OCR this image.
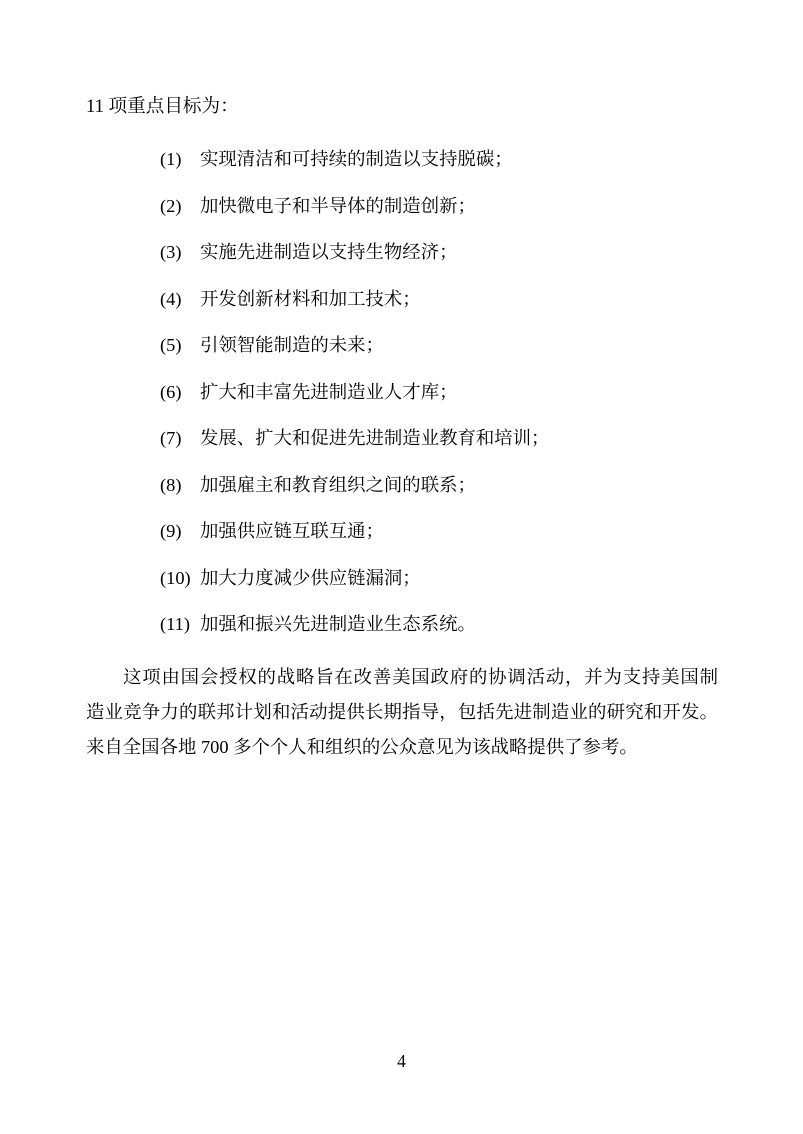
11 项重点目标为：

(1)	实现清洁和可持续的制造以支持脱碳；
(2)	加快微电子和半导体的制造创新；
(3)	实施先进制造以支持生物经济；
(4)	开发创新材料和加工技术；
(5)	引领智能制造的未来；
(6)	扩大和丰富先进制造业人才库；
(7)	发展、扩大和促进先进制造业教育和培训；
(8)	加强雇主和教育组织之间的联系；
(9)	加强供应链互联互通；
(10) 加大力度减少供应链漏洞；
(11) 加强和振兴先进制造业生态系统。

这项由国会授权的战略旨在改善美国政府的协调活动，并为支持美国制

造业竞争力的联邦计划和活动提供长期指导，包括先进制造业的研究和开发。

来自全国各地 700 多个个人和组织的公众意见为该战略提供了参考。

4
